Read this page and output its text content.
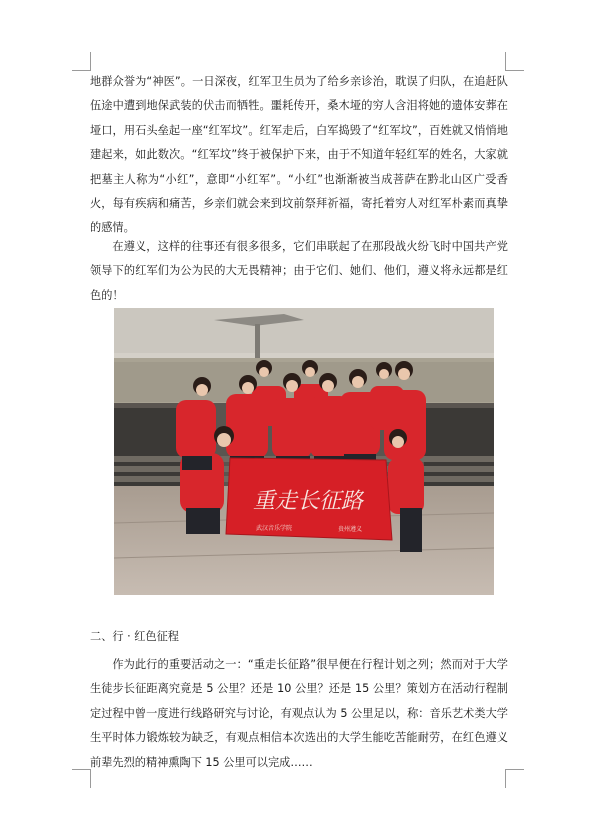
地群众誉为“神医”。一日深夜，红军卫生员为了给乡亲诊治，耽误了归队，在追赶队伍途中遭到地保武装的伏击而牺牲。噩耗传开，桑木垭的穷人含泪将她的遗体安葬在垭口，用石头垒起一座“红军坟”。红军走后，白军捣毁了“红军坟”，百姓就又悄悄地建起来，如此数次。“红军坟”终于被保护下来，由于不知道年轻红军的姓名，大家就把墓主人称为“小红”，意即“小红军”。“小红”也渐渐被当成菩萨在黔北山区广受香火，每有疾病和痛苦，乡亲们就会来到坟前祭拜祈福，寄托着穷人对红军朴素而真挚的感情。

在遵义，这样的往事还有很多很多，它们串联起了在那段战火纷飞时中国共产党领导下的红军们为公为民的大无畏精神；由于它们、她们、他们，遵义将永远都是红色的！

重走长征路
武汉音乐学院	贵州遵义
二、行 · 红色征程

作为此行的重要活动之一：“重走长征路”很早便在行程计划之列；然而对于大学生徒步长征距离究竟是 5 公里？还是 10 公里？还是 15 公里？策划方在活动行程制定过程中曾一度进行线路研究与讨论，有观点认为 5 公里足以，称：音乐艺术类大学生平时体力锻炼较为缺乏，有观点相信本次选出的大学生能吃苦能耐劳，在红色遵义前辈先烈的精神熏陶下 15 公里可以完成……
